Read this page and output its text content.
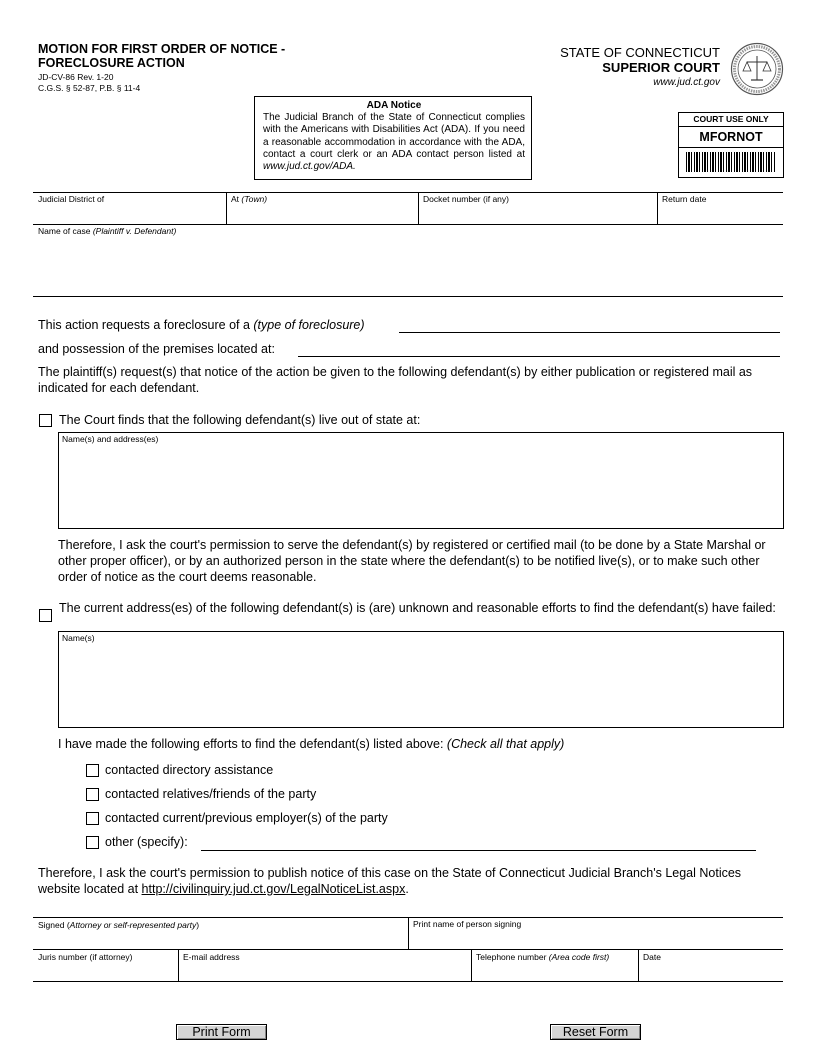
MOTION FOR FIRST ORDER OF NOTICE -
FORECLOSURE ACTION
JD-CV-86 Rev. 1-20
C.G.S. § 52-87, P.B. § 11-4
STATE OF CONNECTICUT
SUPERIOR COURT
www.jud.ct.gov
ADA Notice
The Judicial Branch of the State of Connecticut complies with the Americans with Disabilities Act (ADA). If you need a reasonable accommodation in accordance with the ADA, contact a court clerk or an ADA contact person listed at www.jud.ct.gov/ADA.
COURT USE ONLY
MFORNOT
Judicial District of	At (Town)	Docket number (if any)	Return date
Name of case (Plaintiff v. Defendant)
This action requests a foreclosure of a (type of foreclosure)
and possession of the premises located at:
The plaintiff(s) request(s) that notice of the action be given to the following defendant(s) by either publication or registered mail as indicated for each defendant.
The Court finds that the following defendant(s) live out of state at:
Name(s) and address(es)
Therefore, I ask the court's permission to serve the defendant(s) by registered or certified mail (to be done by a State Marshal or other proper officer), or by an authorized person in the state where the defendant(s) to be notified live(s), or to make such other order of notice as the court deems reasonable.
The current address(es) of the following defendant(s) is (are) unknown and reasonable efforts to find the defendant(s) have failed:
Name(s)
I have made the following efforts to find the defendant(s) listed above: (Check all that apply)
contacted directory assistance
contacted relatives/friends of the party
contacted current/previous employer(s) of the party
other (specify):
Therefore, I ask the court's permission to publish notice of this case on the State of Connecticut Judicial Branch's Legal Notices website located at http://civilinquiry.jud.ct.gov/LegalNoticeList.aspx.
Signed (Attorney or self-represented party)	Print name of person signing
Juris number (if attorney)	E-mail address	Telephone number (Area code first)	Date
Print Form	Reset Form
